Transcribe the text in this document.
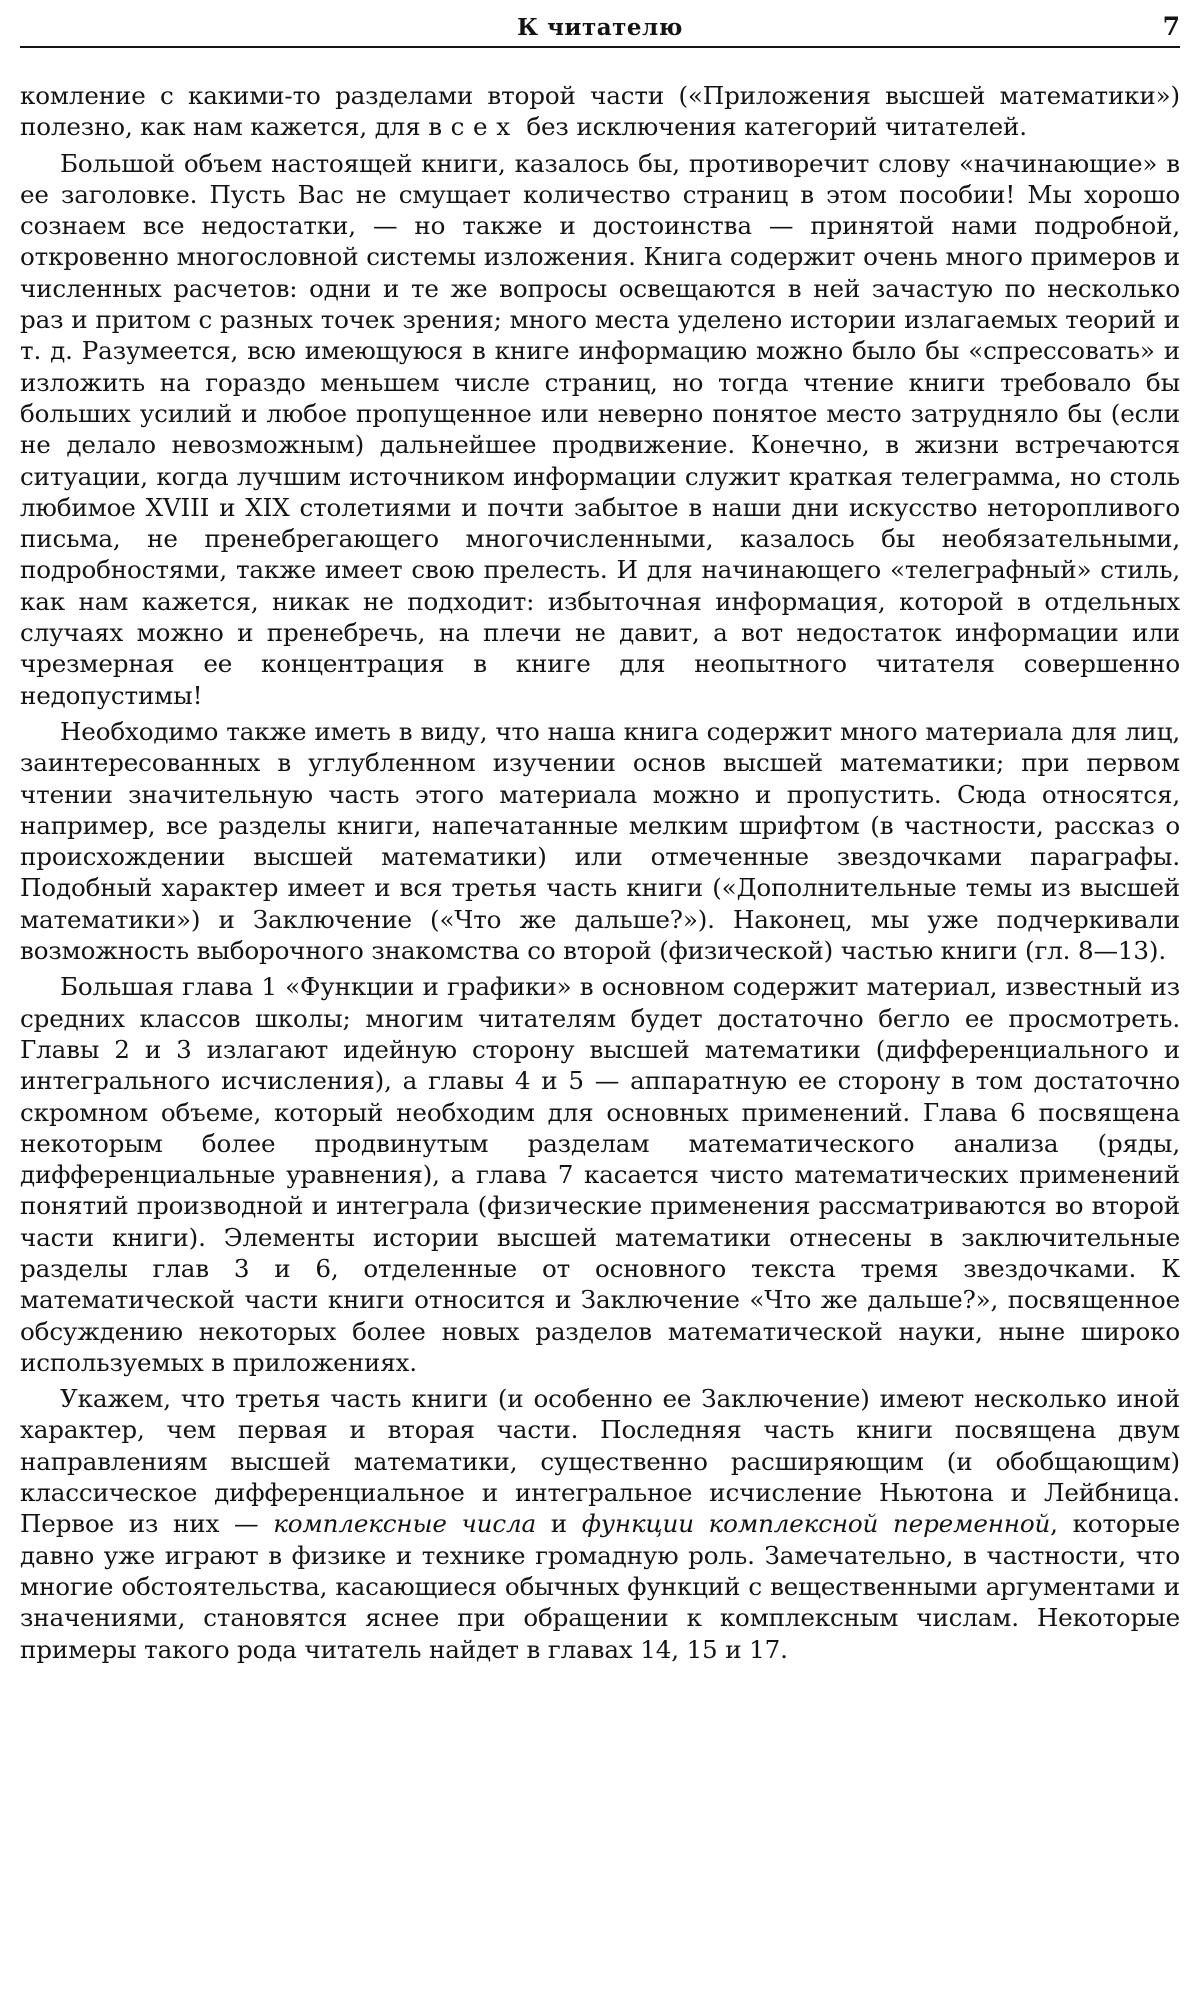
К читателю	7

комление с какими-то разделами второй части («Приложения высшей математики») полезно, как нам кажется, для всех без исключения категорий читателей.

Большой объем настоящей книги, казалось бы, противоречит слову «начинающие» в ее заголовке. Пусть Вас не смущает количество страниц в этом пособии! Мы хорошо сознаем все недостатки, — но также и достоинства — принятой нами подробной, откровенно многословной системы изложения. Книга содержит очень много примеров и численных расчетов: одни и те же вопросы освещаются в ней зачастую по несколько раз и притом с разных точек зрения; много места уделено истории излагаемых теорий и т. д. Разумеется, всю имеющуюся в книге информацию можно было бы «спрессовать» и изложить на гораздо меньшем числе страниц, но тогда чтение книги требовало бы больших усилий и любое пропущенное или неверно понятое место затрудняло бы (если не делало невозможным) дальнейшее продвижение. Конечно, в жизни встречаются ситуации, когда лучшим источником информации служит краткая телеграмма, но столь любимое XVIII и XIX столетиями и почти забытое в наши дни искусство неторопливого письма, не пренебрегающего многочисленными, казалось бы необязательными, подробностями, также имеет свою прелесть. И для начинающего «телеграфный» стиль, как нам кажется, никак не подходит: избыточная информация, которой в отдельных случаях можно и пренебречь, на плечи не давит, а вот недостаток информации или чрезмерная ее концентрация в книге для неопытного читателя совершенно недопустимы!

Необходимо также иметь в виду, что наша книга содержит много материала для лиц, заинтересованных в углубленном изучении основ высшей математики; при первом чтении значительную часть этого материала можно и пропустить. Сюда относятся, например, все разделы книги, напечатанные мелким шрифтом (в частности, рассказ о происхождении высшей математики) или отмеченные звездочками параграфы. Подобный характер имеет и вся третья часть книги («Дополнительные темы из высшей математики») и Заключение («Что же дальше?»). Наконец, мы уже подчеркивали возможность выборочного знакомства со второй (физической) частью книги (гл. 8—13).

Большая глава 1 «Функции и графики» в основном содержит материал, известный из средних классов школы; многим читателям будет достаточно бегло ее просмотреть. Главы 2 и 3 излагают идейную сторону высшей математики (дифференциального и интегрального исчисления), а главы 4 и 5 — аппаратную ее сторону в том достаточно скромном объеме, который необходим для основных применений. Глава 6 посвящена некоторым более продвинутым разделам математического анализа (ряды, дифференциальные уравнения), а глава 7 касается чисто математических применений понятий производной и интеграла (физические применения рассматриваются во второй части книги). Элементы истории высшей математики отнесены в заключительные разделы глав 3 и 6, отделенные от основного текста тремя звездочками. К математической части книги относится и Заключение «Что же дальше?», посвященное обсуждению некоторых более новых разделов математической науки, ныне широко используемых в приложениях.

Укажем, что третья часть книги (и особенно ее Заключение) имеют несколько иной характер, чем первая и вторая части. Последняя часть книги посвящена двум направлениям высшей математики, существенно расширяющим (и обобщающим) классическое дифференциальное и интегральное исчисление Ньютона и Лейбница. Первое из них — комплексные числа и функции комплексной переменной, которые давно уже играют в физике и технике громадную роль. Замечательно, в частности, что многие обстоятельства, касающиеся обычных функций с вещественными аргументами и значениями, становятся яснее при обращении к комплексным числам. Некоторые примеры такого рода читатель найдет в главах 14, 15 и 17.
